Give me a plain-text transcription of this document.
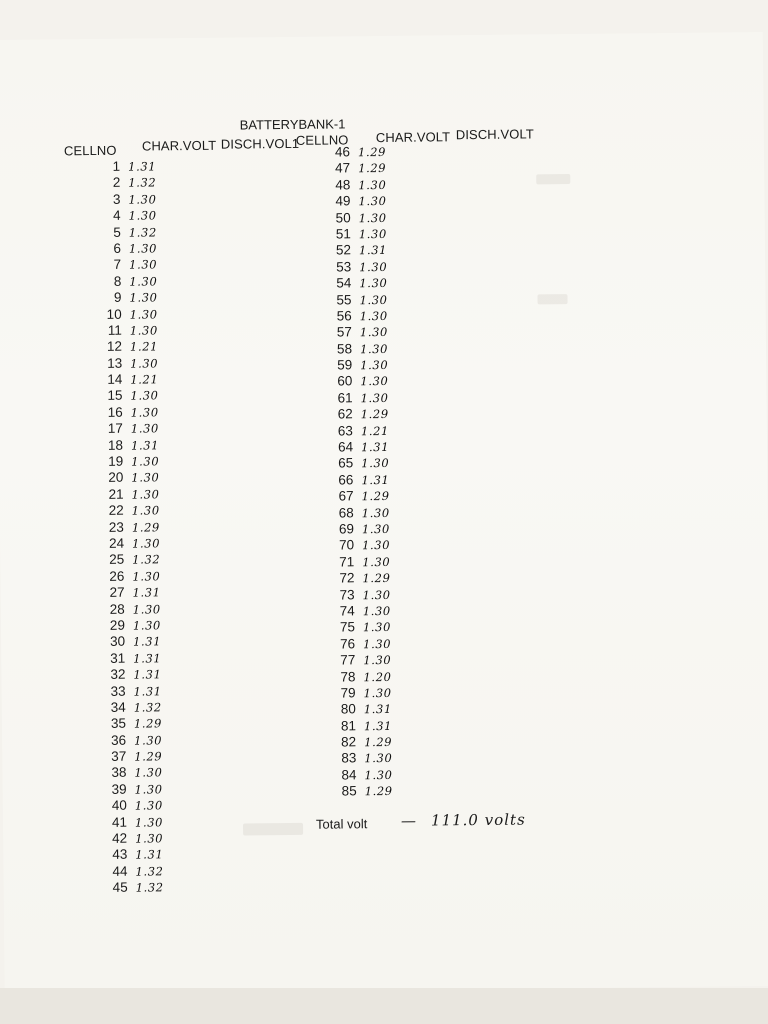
BATTERYBANK-1
CELLNO CHAR.VOLT DISCH.VOL1
CELLNO CHAR.VOLT DISCH.VOLT
1 1.31
2 1.32
3 1.30
4 1.30
5 1.32
6 1.30
7 1.30
8 1.30
9 1.30
10 1.30
11 1.30
12 1.21
13 1.30
14 1.21
15 1.30
16 1.30
17 1.30
18 1.31
19 1.30
20 1.30
21 1.30
22 1.30
23 1.29
24 1.30
25 1.32
26 1.30
27 1.31
28 1.30
29 1.30
30 1.31
31 1.31
32 1.31
33 1.31
34 1.32
35 1.29
36 1.30
37 1.29
38 1.30
39 1.30
40 1.30
41 1.30
42 1.30
43 1.31
44 1.32
45 1.32
46 1.29
47 1.29
48 1.30
49 1.30
50 1.30
51 1.30
52 1.31
53 1.30
54 1.30
55 1.30
56 1.30
57 1.30
58 1.30
59 1.30
60 1.30
61 1.30
62 1.29
63 1.21
64 1.31
65 1.30
66 1.31
67 1.29
68 1.30
69 1.30
70 1.30
71 1.30
72 1.29
73 1.30
74 1.30
75 1.30
76 1.30
77 1.30
78 1.20
79 1.30
80 1.31
81 1.31
82 1.29
83 1.30
84 1.30
85 1.29
Total volt — 111.0 volts
